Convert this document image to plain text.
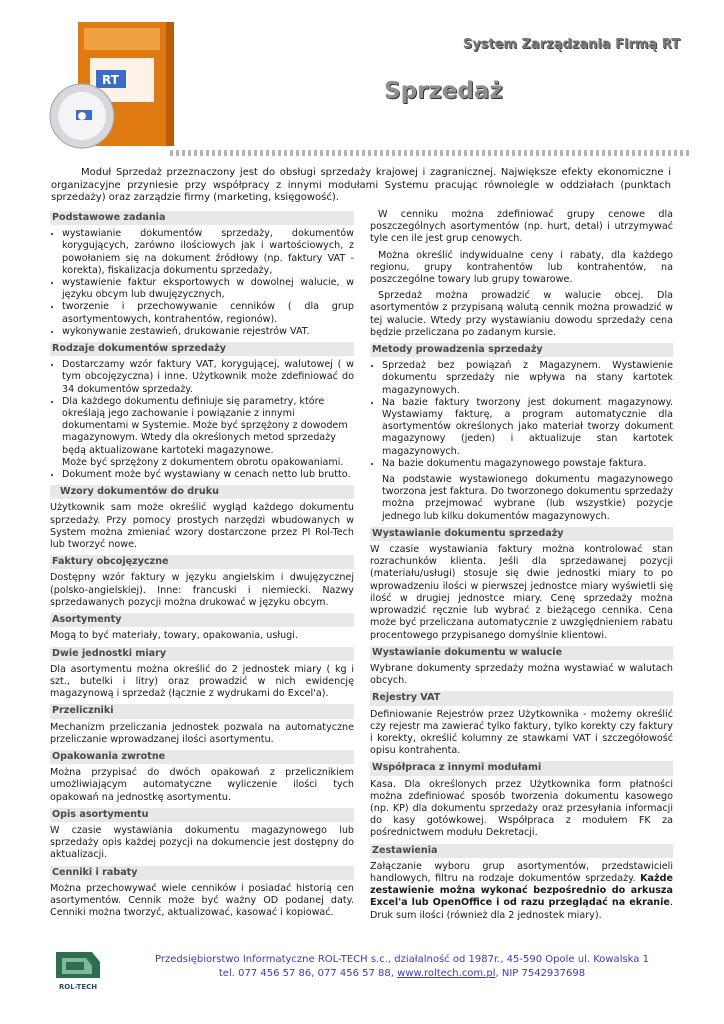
RT
System Zarządzania Firmą RT
Sprzedaż

Moduł Sprzedaż przeznaczony jest do obsługi sprzedaży krajowej i zagranicznej. Największe efekty ekonomiczne i organizacyjne przyniesie przy współpracy z innymi modułami Systemu pracując równolegle w oddziałach (punktach sprzedaży) oraz zarządzie firmy (marketing, księgowość).

Podstawowe zadania
• wystawianie dokumentów sprzedaży, dokumentów korygujących, zarówno ilościowych jak i wartościowych, z powołaniem się na dokument źródłowy (np. faktury VAT - korekta), fiskalizacja dokumentu sprzedaży,
• wystawienie faktur eksportowych w dowolnej walucie, w języku obcym lub dwujęzycznych,
• tworzenie i przechowywanie cenników ( dla grup asortymentowych, kontrahentów, regionów).
• wykonywanie zestawień, drukowanie rejestrów VAT.
Rodzaje dokumentów sprzedaży
• Dostarczamy wzór faktury VAT, korygującej, walutowej ( w tym obcojęzyczna) i inne. Użytkownik może zdefiniować do 34 dokumentów sprzedaży.
• Dla każdego dokumentu definiuje się parametry, które określają jego zachowanie i powiązanie z innymi dokumentami w Systemie. Może być sprzężony z dowodem magazynowym. Wtedy dla określonych metod sprzedaży będą aktualizowane kartoteki magazynowe.
Może być sprzężony z dokumentem obrotu opakowaniami.
• Dokument może być wystawiany w cenach netto lub brutto.
Wzory dokumentów do druku

Użytkownik sam może określić wygląd każdego dokumentu sprzedaży. Przy pomocy prostych narzędzi wbudowanych w System można zmieniać wzory dostarczone przez PI Rol-Tech lub tworzyć nowe.

Faktury obcojęzyczne

Dostępny wzór faktury w języku angielskim i dwujęzycznej (polsko-angielskiej). Inne: francuski i niemiecki. Nazwy sprzedawanych pozycji można drukować w języku obcym.

Asortymenty

Mogą to być materiały, towary, opakowania, usługi.

Dwie jednostki miary

Dla asortymentu można określić do 2 jednostek miary ( kg i szt., butelki i litry) oraz prowadzić w nich ewidencję magazynową i sprzedaż (łącznie z wydrukami do Excel'a).

Przeliczniki

Mechanizm przeliczania jednostek pozwala na automatyczne przeliczanie wprowadzanej ilości asortymentu.

Opakowania zwrotne

Można przypisać do dwóch opakowań z przelicznikiem umożliwiającym automatyczne wyliczenie ilości tych opakowań na jednostkę asortymentu.

Opis asortymentu

W czasie wystawiania dokumentu magazynowego lub sprzedaży opis każdej pozycji na dokumencie jest dostępny do aktualizacji.

Cenniki i rabaty

Można przechowywać wiele cenników i posiadać historią cen asortymentów. Cennik może być ważny OD podanej daty. Cenniki można tworzyć, aktualizować, kasować i kopiować.

W cenniku można zdefiniować grupy cenowe dla poszczególnych asortymentów (np. hurt, detal) i utrzymywać tyle cen ile jest grup cenowych.

Można określić indywidualne ceny i rabaty, dla każdego regionu, grupy kontrahentów lub kontrahentów, na poszczególne towary lub grupy towarowe.

Sprzedaż można prowadzić w walucie obcej. Dla asortymentów z przypisaną walutą cennik można prowadzić w tej walucie. Wtedy przy wystawianiu dowodu sprzedaży cena będzie przeliczana po zadanym kursie.

Metody prowadzenia sprzedaży
• Sprzedaż bez powiązań z Magazynem. Wystawienie dokumentu sprzedaży nie wpływa na stany kartotek magazynowych.
• Na bazie faktury tworzony jest dokument magazynowy. Wystawiamy fakturę, a program automatycznie dla asortymentów określonych jako materiał tworzy dokument magazynowy (jeden) i aktualizuje stan kartotek magazynowych.
• Na bazie dokumentu magazynowego powstaje faktura.

Na podstawie wystawionego dokumentu magazynowego tworzona jest faktura. Do tworzonego dokumentu sprzedaży można przejmować wybrane (lub wszystkie) pozycje jednego lub kilku dokumentów magazynowych.

Wystawianie dokumentu sprzedaży

W czasie wystawiania faktury można kontrolować stan rozrachunków klienta. Jeśli dla sprzedawanej pozycji (materiału/usługi) stosuje się dwie jednostki miary to po wprowadzeniu ilości w pierwszej jednostce miary wyświetli się ilość w drugiej jednostce miary. Cenę sprzedaży można wprowadzić ręcznie lub wybrać z bieżącego cennika. Cena może być przeliczana automatycznie z uwzględnieniem rabatu procentowego przypisanego domyślnie klientowi.

Wystawianie dokumentu w walucie

Wybrane dokumenty sprzedaży można wystawiać w walutach obcych.

Rejestry VAT

Definiowanie Rejestrów przez Użytkownika - możemy określić czy rejestr ma zawierać tylko faktury, tylko korekty czy faktury i korekty, określić kolumny ze stawkami VAT i szczegółowość opisu kontrahenta.

Współpraca z innymi modułami

Kasa. Dla określonych przez Użytkownika form płatności można zdefiniować sposób tworzenia dokumentu kasowego (np. KP) dla dokumentu sprzedaży oraz przesyłania informacji do kasy gotówkowej. Współpraca z modułem FK za pośrednictwem modułu Dekretacji.

Zestawienia

Załączanie wyboru grup asortymentów, przedstawicieli handlowych, filtru na rodzaje dokumentów sprzedaży. Każde zestawienie można wykonać bezpośrednio do arkusza Excel'a lub OpenOffice i od razu przeglądać na ekranie. Druk sum ilości (również dla 2 jednostek miary).

ROL-TECH
Przedsiębiorstwo Informatyczne ROL-TECH s.c., działalność od 1987r., 45-590 Opole ul. Kowalska 1
tel. 077 456 57 86, 077 456 57 88, www.roltech.com.pl, NIP 7542937698
